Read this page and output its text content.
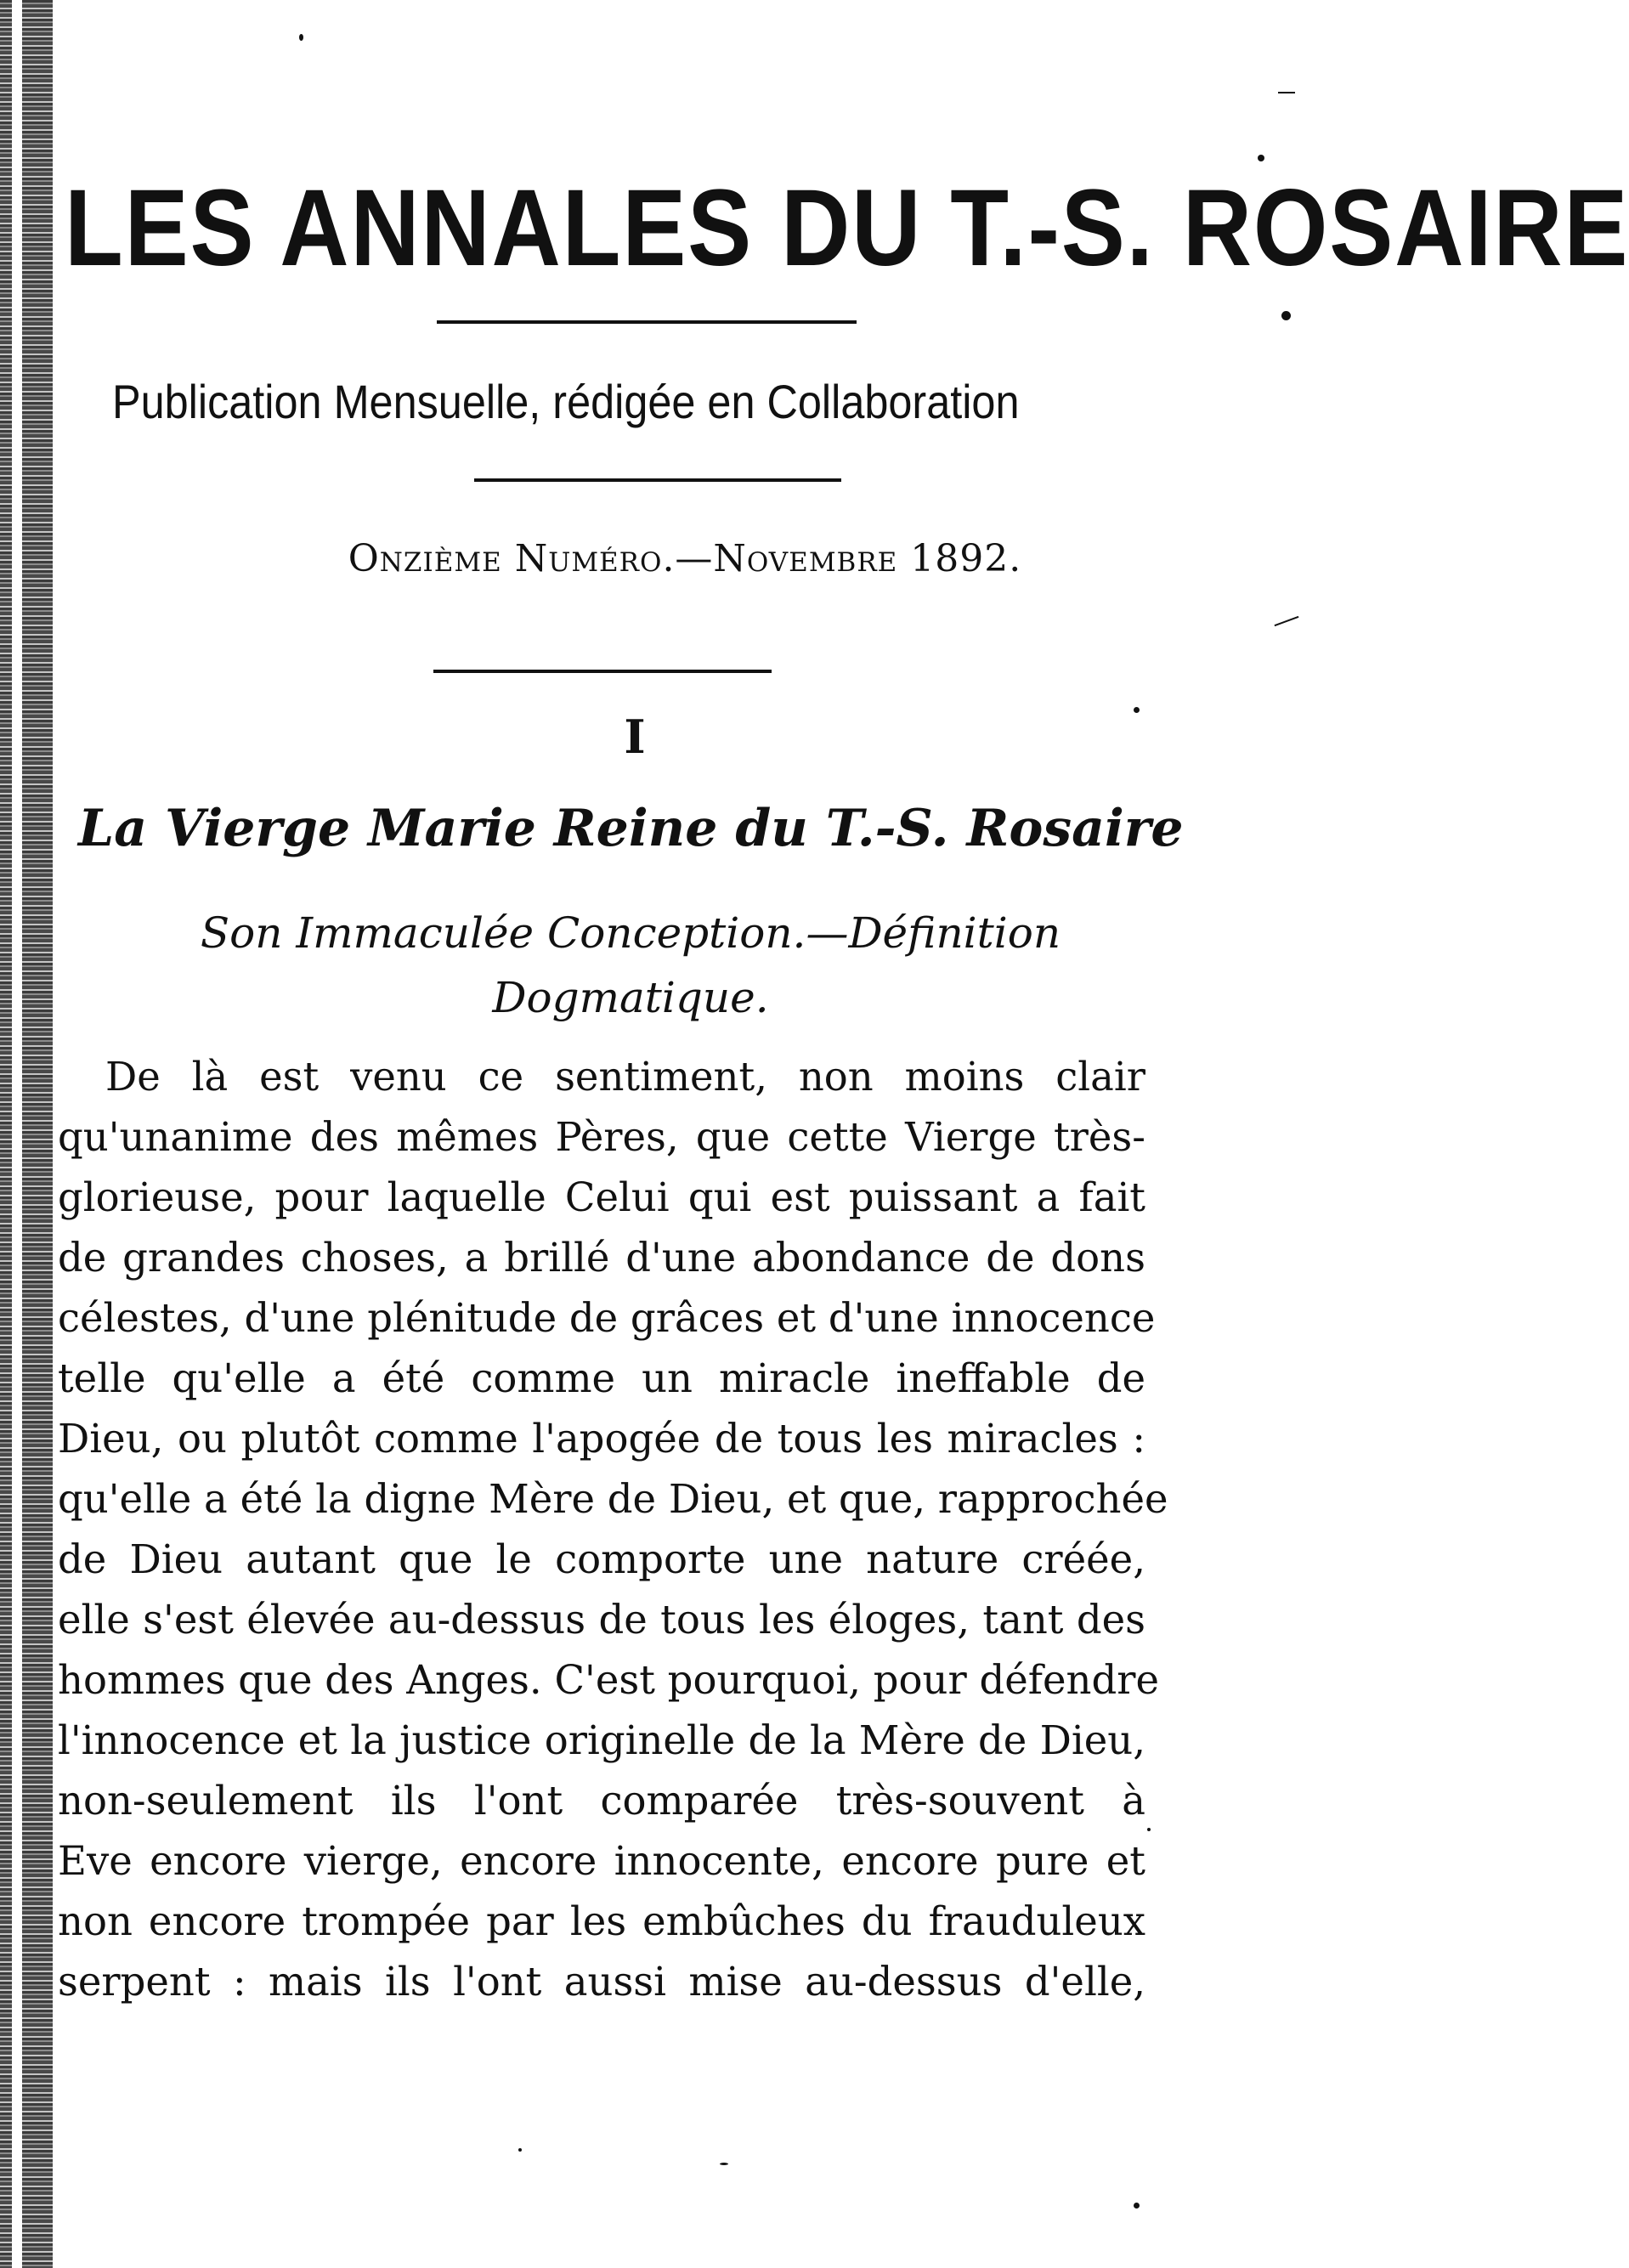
LES ANNALES DU T.-S. ROSAIRE
Publication Mensuelle, rédigée en Collaboration
Onzième Numéro.—Novembre 1892.
I
La Vierge Marie Reine du T.-S. Rosaire
Son Immaculée Conception.—Définition
Dogmatique.
De là est venu ce sentiment, non moins clair
qu'unanime des mêmes Pères, que cette Vierge très-
glorieuse, pour laquelle Celui qui est puissant a fait
de grandes choses, a brillé d'une abondance de dons
célestes, d'une plénitude de grâces et d'une innocence
telle qu'elle a été comme un miracle ineffable de
Dieu, ou plutôt comme l'apogée de tous les miracles :
qu'elle a été la digne Mère de Dieu, et que, rapprochée
de Dieu autant que le comporte une nature créée,
elle s'est élevée au-dessus de tous les éloges, tant des
hommes que des Anges. C'est pourquoi, pour défendre
l'innocence et la justice originelle de la Mère de Dieu,
non-seulement ils l'ont comparée très-souvent à
Eve encore vierge, encore innocente, encore pure et
non encore trompée par les embûches du frauduleux
serpent : mais ils l'ont aussi mise au-dessus d'elle,
